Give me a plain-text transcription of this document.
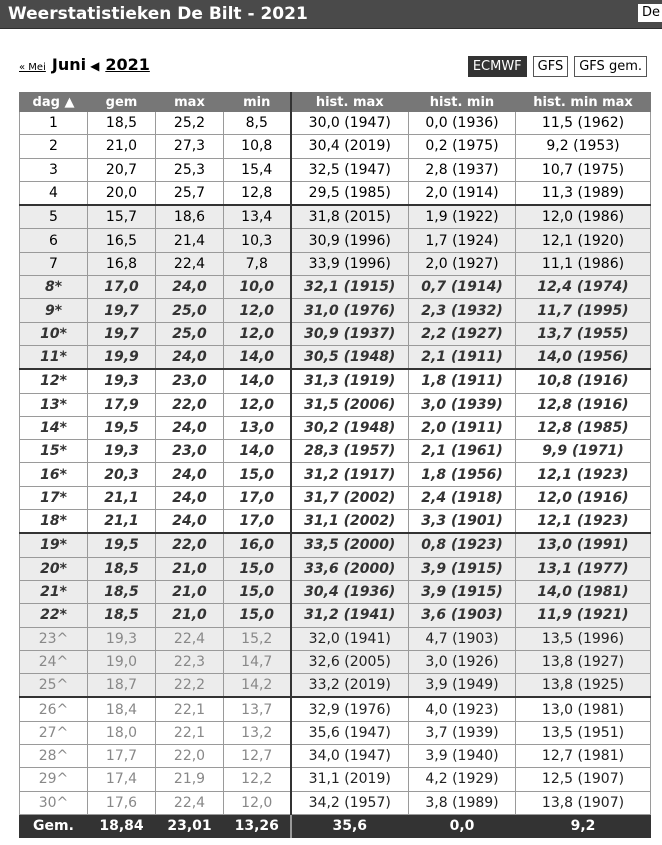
Weerstatistieken De Bilt - 2021	De
« Mei Juni ◀ 2021	ECMWF	GFS	GFS gem.
dag ▲	gem	max	min	hist. max	hist. min	hist. min max
1	18,5	25,2	8,5	30,0 (1947)	0,0 (1936)	11,5 (1962)
2	21,0	27,3	10,8	30,4 (2019)	0,2 (1975)	9,2 (1953)
3	20,7	25,3	15,4	32,5 (1947)	2,8 (1937)	10,7 (1975)
4	20,0	25,7	12,8	29,5 (1985)	2,0 (1914)	11,3 (1989)
5	15,7	18,6	13,4	31,8 (2015)	1,9 (1922)	12,0 (1986)
6	16,5	21,4	10,3	30,9 (1996)	1,7 (1924)	12,1 (1920)
7	16,8	22,4	7,8	33,9 (1996)	2,0 (1927)	11,1 (1986)
8*	17,0	24,0	10,0	32,1 (1915)	0,7 (1914)	12,4 (1974)
9*	19,7	25,0	12,0	31,0 (1976)	2,3 (1932)	11,7 (1995)
10*	19,7	25,0	12,0	30,9 (1937)	2,2 (1927)	13,7 (1955)
11*	19,9	24,0	14,0	30,5 (1948)	2,1 (1911)	14,0 (1956)
12*	19,3	23,0	14,0	31,3 (1919)	1,8 (1911)	10,8 (1916)
13*	17,9	22,0	12,0	31,5 (2006)	3,0 (1939)	12,8 (1916)
14*	19,5	24,0	13,0	30,2 (1948)	2,0 (1911)	12,8 (1985)
15*	19,3	23,0	14,0	28,3 (1957)	2,1 (1961)	9,9 (1971)
16*	20,3	24,0	15,0	31,2 (1917)	1,8 (1956)	12,1 (1923)
17*	21,1	24,0	17,0	31,7 (2002)	2,4 (1918)	12,0 (1916)
18*	21,1	24,0	17,0	31,1 (2002)	3,3 (1901)	12,1 (1923)
19*	19,5	22,0	16,0	33,5 (2000)	0,8 (1923)	13,0 (1991)
20*	18,5	21,0	15,0	33,6 (2000)	3,9 (1915)	13,1 (1977)
21*	18,5	21,0	15,0	30,4 (1936)	3,9 (1915)	14,0 (1981)
22*	18,5	21,0	15,0	31,2 (1941)	3,6 (1903)	11,9 (1921)
23^	19,3	22,4	15,2	32,0 (1941)	4,7 (1903)	13,5 (1996)
24^	19,0	22,3	14,7	32,6 (2005)	3,0 (1926)	13,8 (1927)
25^	18,7	22,2	14,2	33,2 (2019)	3,9 (1949)	13,8 (1925)
26^	18,4	22,1	13,7	32,9 (1976)	4,0 (1923)	13,0 (1981)
27^	18,0	22,1	13,2	35,6 (1947)	3,7 (1939)	13,5 (1951)
28^	17,7	22,0	12,7	34,0 (1947)	3,9 (1940)	12,7 (1981)
29^	17,4	21,9	12,2	31,1 (2019)	4,2 (1929)	12,5 (1907)
30^	17,6	22,4	12,0	34,2 (1957)	3,8 (1989)	13,8 (1907)
Gem.	18,84	23,01	13,26	35,6	0,0	9,2
